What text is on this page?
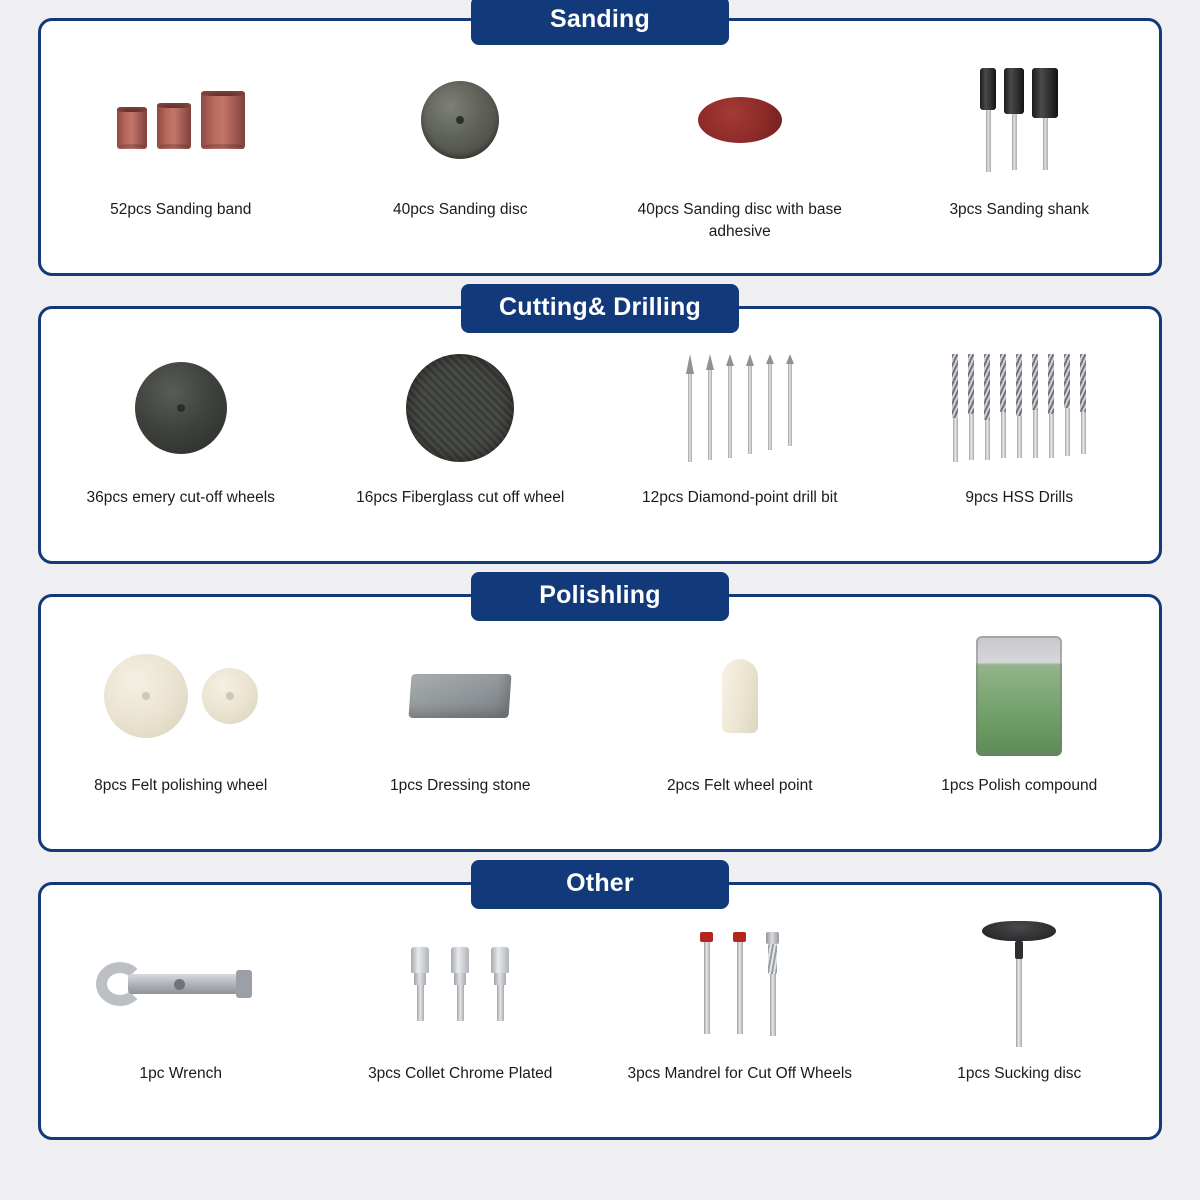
Sanding
52pcs Sanding band	40pcs Sanding disc	40pcs Sanding disc with base adhesive
3pcs Sanding shank
Cutting& Drilling
36pcs emery cut-off wheels	16pcs Fiberglass cut off wheel	12pcs Diamond-point drill bit	9pcs HSS Drills
Polishling
8pcs Felt polishing wheel	1pcs Dressing stone	2pcs Felt wheel point	1pcs Polish compound
Other
1pc Wrench	3pcs Collet Chrome Plated	3pcs Mandrel for Cut Off Wheels	1pcs Sucking disc
